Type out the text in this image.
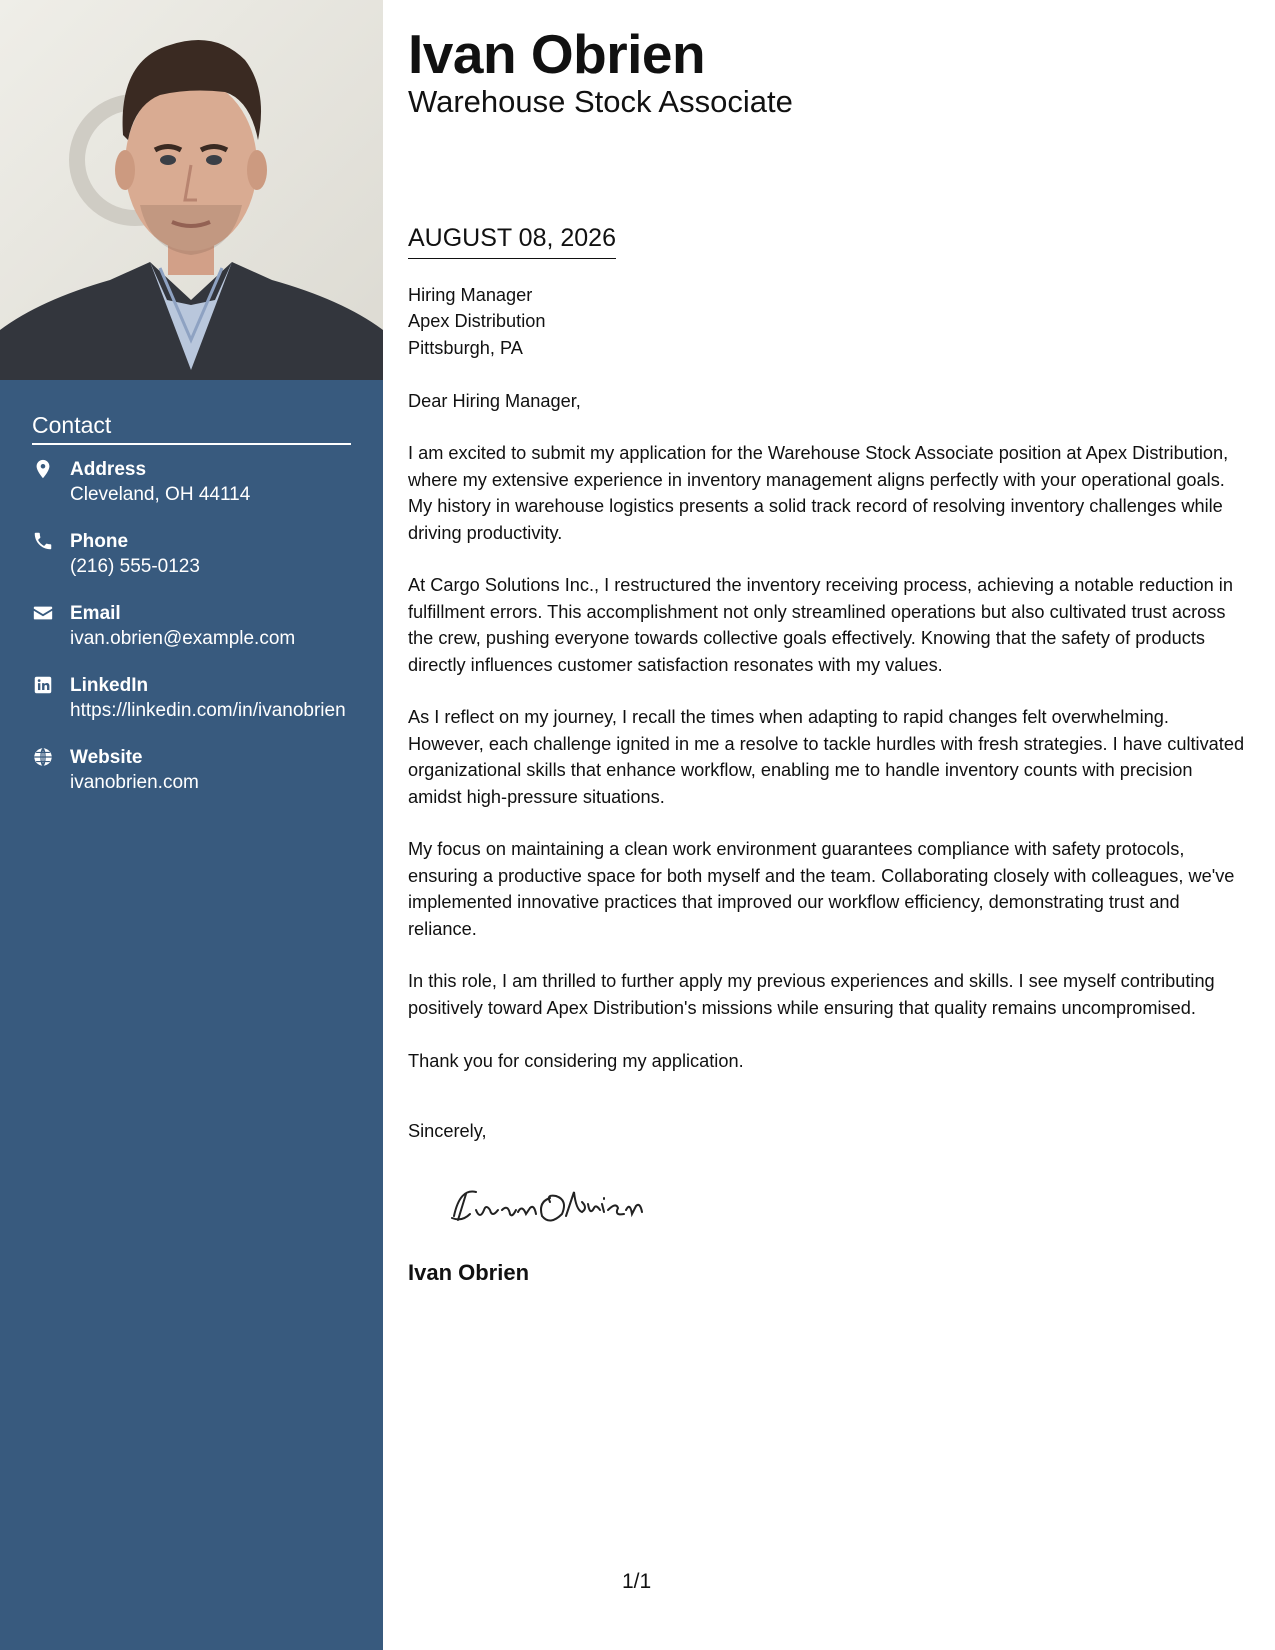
Contact
Address
Cleveland, OH 44114
Phone
(216) 555-0123
Email
ivan.obrien@example.com
LinkedIn
https://linkedin.com/in/ivanobrien
Website
ivanobrien.com
Ivan Obrien
Warehouse Stock Associate
AUGUST 08, 2026
Hiring Manager
Apex Distribution
Pittsburgh, PA

Dear Hiring Manager,

I am excited to submit my application for the Warehouse Stock Associate position at Apex Distribution, where my extensive experience in inventory management aligns perfectly with your operational goals. My history in warehouse logistics presents a solid track record of resolving inventory challenges while driving productivity.

At Cargo Solutions Inc., I restructured the inventory receiving process, achieving a notable reduction in fulfillment errors. This accomplishment not only streamlined operations but also cultivated trust across the crew, pushing everyone towards collective goals effectively. Knowing that the safety of products directly influences customer satisfaction resonates with my values.

As I reflect on my journey, I recall the times when adapting to rapid changes felt overwhelming. However, each challenge ignited in me a resolve to tackle hurdles with fresh strategies. I have cultivated organizational skills that enhance workflow, enabling me to handle inventory counts with precision amidst high-pressure situations.

My focus on maintaining a clean work environment guarantees compliance with safety protocols, ensuring a productive space for both myself and the team. Collaborating closely with colleagues, we've implemented innovative practices that improved our workflow efficiency, demonstrating trust and reliance.

In this role, I am thrilled to further apply my previous experiences and skills. I see myself contributing positively toward Apex Distribution's missions while ensuring that quality remains uncompromised.

Thank you for considering my application.

Sincerely,
Ivan Obrien
1/1
